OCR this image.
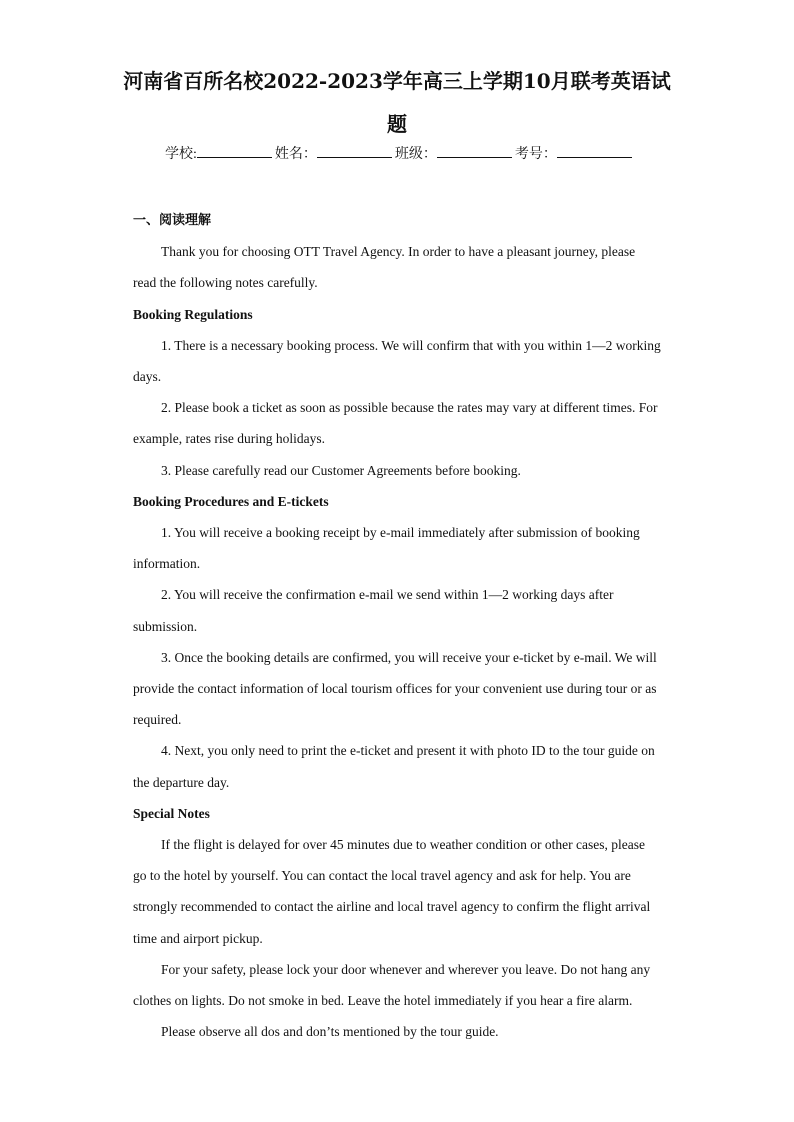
河南省百所名校2022-2023学年高三上学期10月联考英语试
题
学校:	姓名：	班级：	考号：

一、阅读理解

Thank you for choosing OTT Travel Agency. In order to have a pleasant journey, please read the following notes carefully.

Booking Regulations

1. There is a necessary booking process. We will confirm that with you within 1—2 working days.

2. Please book a ticket as soon as possible because the rates may vary at different times. For example, rates rise during holidays.

3. Please carefully read our Customer Agreements before booking.

Booking Procedures and E-tickets

1. You will receive a booking receipt by e-mail immediately after submission of booking information.

2. You will receive the confirmation e-mail we send within 1—2 working days after submission.

3. Once the booking details are confirmed, you will receive your e-ticket by e-mail. We will provide the contact information of local tourism offices for your convenient use during tour or as required.

4. Next, you only need to print the e-ticket and present it with photo ID to the tour guide on the departure day.

Special Notes

If the flight is delayed for over 45 minutes due to weather condition or other cases, please go to the hotel by yourself. You can contact the local travel agency and ask for help. You are strongly recommended to contact the airline and local travel agency to confirm the flight arrival time and airport pickup.

For your safety, please lock your door whenever and wherever you leave. Do not hang any clothes on lights. Do not smoke in bed. Leave the hotel immediately if you hear a fire alarm.

Please observe all dos and don’ts mentioned by the tour guide.
